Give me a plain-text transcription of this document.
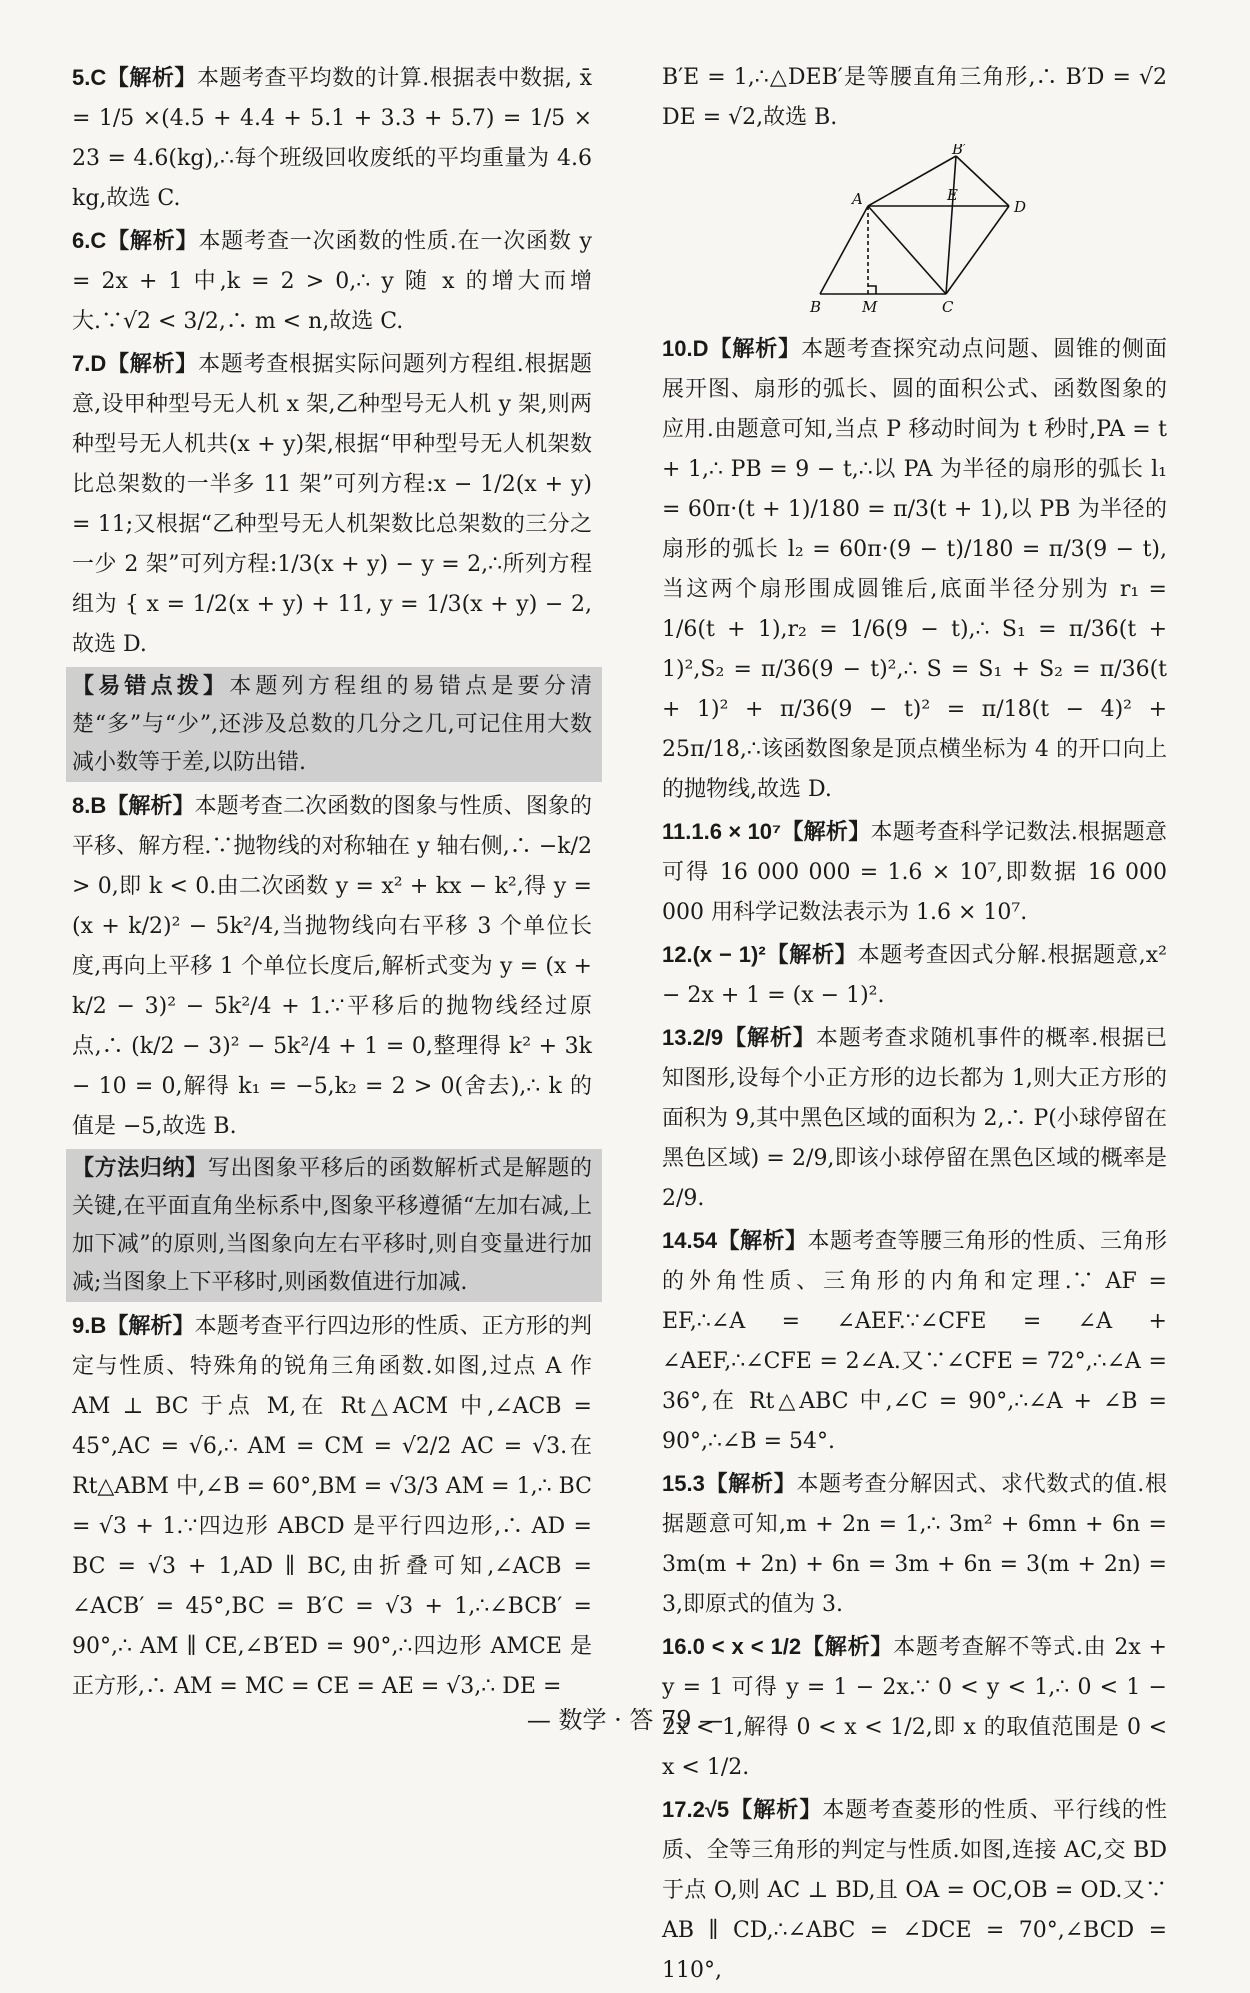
5.C【解析】本题考查平均数的计算.根据表中数据, x̄ = 1/5 ×(4.5 + 4.4 + 5.1 + 3.3 + 5.7) = 1/5 × 23 = 4.6(kg),∴每个班级回收废纸的平均重量为 4.6 kg,故选 C.
6.C【解析】本题考查一次函数的性质.在一次函数 y = 2x + 1 中,k = 2 > 0,∴ y 随 x 的增大而增大.∵√2 < 3/2,∴ m < n,故选 C.
7.D【解析】本题考查根据实际问题列方程组.根据题意,设甲种型号无人机 x 架,乙种型号无人机 y 架,则两种型号无人机共(x + y)架,根据“甲种型号无人机架数比总架数的一半多 11 架”可列方程:x − 1/2(x + y) = 11;又根据“乙种型号无人机架数比总架数的三分之一少 2 架”可列方程:1/3(x + y) − y = 2,∴所列方程组为 { x = 1/2(x + y) + 11, y = 1/3(x + y) − 2, 故选 D.
【易错点拨】本题列方程组的易错点是要分清楚“多”与“少”,还涉及总数的几分之几,可记住用大数减小数等于差,以防出错.
8.B【解析】本题考查二次函数的图象与性质、图象的平移、解方程.∵抛物线的对称轴在 y 轴右侧,∴ −k/2 > 0,即 k < 0.由二次函数 y = x² + kx − k²,得 y = (x + k/2)² − 5k²/4,当抛物线向右平移 3 个单位长度,再向上平移 1 个单位长度后,解析式变为 y = (x + k/2 − 3)² − 5k²/4 + 1.∵平移后的抛物线经过原点,∴ (k/2 − 3)² − 5k²/4 + 1 = 0,整理得 k² + 3k − 10 = 0,解得 k₁ = −5,k₂ = 2 > 0(舍去),∴ k 的值是 −5,故选 B.
【方法归纳】写出图象平移后的函数解析式是解题的关键,在平面直角坐标系中,图象平移遵循“左加右减,上加下减”的原则,当图象向左右平移时,则自变量进行加减;当图象上下平移时,则函数值进行加减.
9.B【解析】本题考查平行四边形的性质、正方形的判定与性质、特殊角的锐角三角函数.如图,过点 A 作 AM ⊥ BC 于点 M,在 Rt△ACM 中,∠ACB = 45°,AC = √6,∴ AM = CM = √2/2 AC = √3.在 Rt△ABM 中,∠B = 60°,BM = √3/3 AM = 1,∴ BC = √3 + 1.∵四边形 ABCD 是平行四边形,∴ AD = BC = √3 + 1,AD ∥ BC,由折叠可知,∠ACB = ∠ACB′ = 45°,BC = B′C = √3 + 1,∴∠BCB′ = 90°,∴ AM ∥ CE,∠B′ED = 90°,∴四边形 AMCE 是正方形,∴ AM = MC = CE = AE = √3,∴ DE =
B′E = 1,∴△DEB′是等腰直角三角形,∴ B′D = √2 DE = √2,故选 B.
B′
A	E
D
B	M	C
10.D【解析】本题考查探究动点问题、圆锥的侧面展开图、扇形的弧长、圆的面积公式、函数图象的应用.由题意可知,当点 P 移动时间为 t 秒时,PA = t + 1,∴ PB = 9 − t,∴以 PA 为半径的扇形的弧长 l₁ = 60π·(t + 1)/180 = π/3(t + 1),以 PB 为半径的扇形的弧长 l₂ = 60π·(9 − t)/180 = π/3(9 − t),当这两个扇形围成圆锥后,底面半径分别为 r₁ = 1/6(t + 1),r₂ = 1/6(9 − t),∴ S₁ = π/36(t + 1)²,S₂ = π/36(9 − t)²,∴ S = S₁ + S₂ = π/36(t + 1)² + π/36(9 − t)² = π/18(t − 4)² + 25π/18,∴该函数图象是顶点横坐标为 4 的开口向上的抛物线,故选 D.
11.1.6 × 10⁷【解析】本题考查科学记数法.根据题意可得 16 000 000 = 1.6 × 10⁷,即数据 16 000 000 用科学记数法表示为 1.6 × 10⁷.
12.(x − 1)²【解析】本题考查因式分解.根据题意,x² − 2x + 1 = (x − 1)².
13.2/9【解析】本题考查求随机事件的概率.根据已知图形,设每个小正方形的边长都为 1,则大正方形的面积为 9,其中黑色区域的面积为 2,∴ P(小球停留在黑色区域) = 2/9,即该小球停留在黑色区域的概率是 2/9.
14.54【解析】本题考查等腰三角形的性质、三角形的外角性质、三角形的内角和定理.∵ AF = EF,∴∠A = ∠AEF.∵∠CFE = ∠A + ∠AEF,∴∠CFE = 2∠A.又∵∠CFE = 72°,∴∠A = 36°,在 Rt△ABC 中,∠C = 90°,∴∠A + ∠B = 90°,∴∠B = 54°.
15.3【解析】本题考查分解因式、求代数式的值.根据题意可知,m + 2n = 1,∴ 3m² + 6mn + 6n = 3m(m + 2n) + 6n = 3m + 6n = 3(m + 2n) = 3,即原式的值为 3.
16.0 < x < 1/2【解析】本题考查解不等式.由 2x + y = 1 可得 y = 1 − 2x.∵ 0 < y < 1,∴ 0 < 1 − 2x < 1,解得 0 < x < 1/2,即 x 的取值范围是 0 < x < 1/2.
17.2√5【解析】本题考查菱形的性质、平行线的性质、全等三角形的判定与性质.如图,连接 AC,交 BD 于点 O,则 AC ⊥ BD,且 OA = OC,OB = OD.又∵ AB ∥ CD,∴∠ABC = ∠DCE = 70°,∠BCD = 110°,
— 数学 · 答 79 —
